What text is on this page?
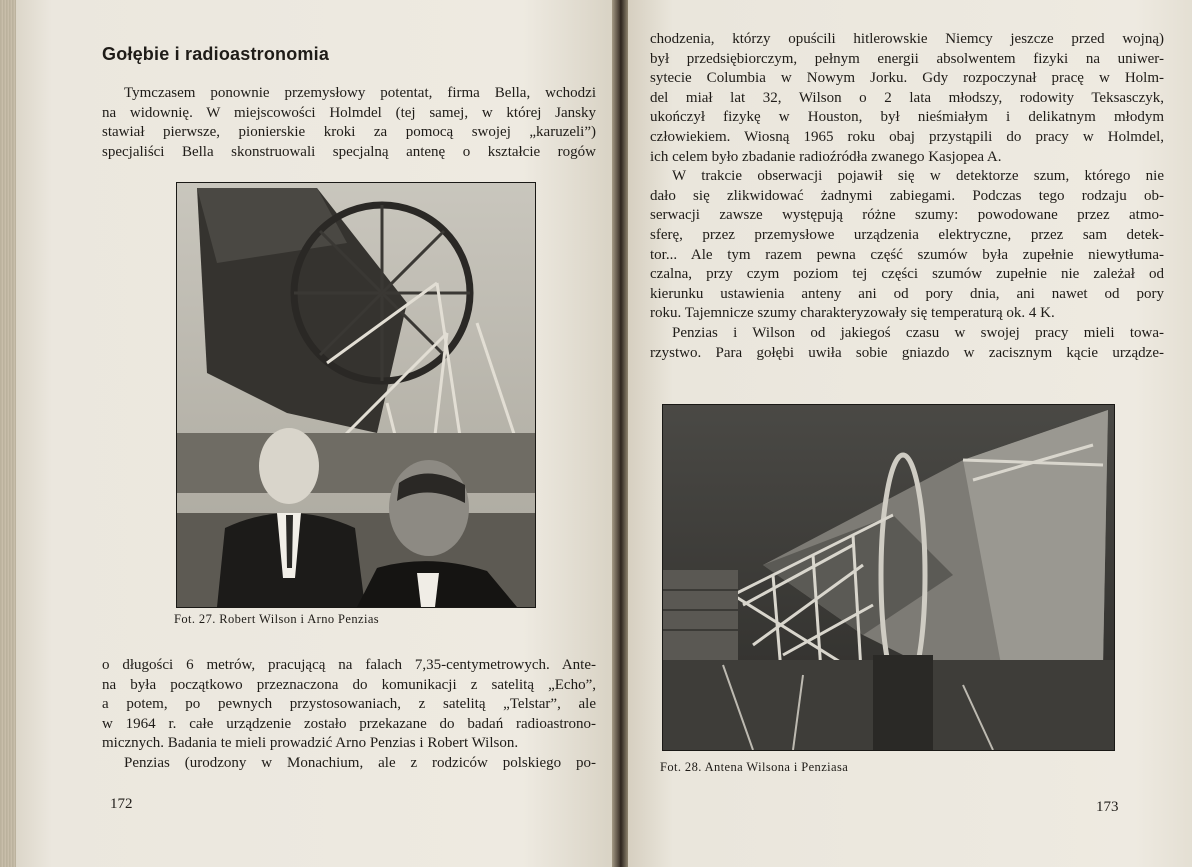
Gołębie i radioastronomia
Tymczasem ponownie przemysłowy potentat, firma Bella, wchodzi
na widownię. W miejscowości Holmdel (tej samej, w której Jansky
stawiał pierwsze, pionierskie kroki za pomocą swojej „karuzeli”)
specjaliści Bella skonstruowali specjalną antenę o kształcie rogów
Fot. 27. Robert Wilson i Arno Penzias
o długości 6 metrów, pracującą na falach 7,35-centymetrowych. Ante-
na była początkowo przeznaczona do komunikacji z satelitą „Echo”,
a potem, po pewnych przystosowaniach, z satelitą „Telstar”, ale
w 1964 r. całe urządzenie zostało przekazane do badań radioastrono-
micznych. Badania te mieli prowadzić Arno Penzias i Robert Wilson.
Penzias (urodzony w Monachium, ale z rodziców polskiego po-
172
chodzenia, którzy opuścili hitlerowskie Niemcy jeszcze przed wojną)
był przedsiębiorczym, pełnym energii absolwentem fizyki na uniwer-
sytecie Columbia w Nowym Jorku. Gdy rozpoczynał pracę w Holm-
del miał lat 32, Wilson o 2 lata młodszy, rodowity Teksasczyk,
ukończył fizykę w Houston, był nieśmiałym i delikatnym młodym
człowiekiem. Wiosną 1965 roku obaj przystąpili do pracy w Holmdel,
ich celem było zbadanie radioźródła zwanego Kasjopea A.
W trakcie obserwacji pojawił się w detektorze szum, którego nie
dało się zlikwidować żadnymi zabiegami. Podczas tego rodzaju ob-
serwacji zawsze występują różne szumy: powodowane przez atmo-
sferę, przez przemysłowe urządzenia elektryczne, przez sam detek-
tor... Ale tym razem pewna część szumów była zupełnie niewytłuma-
czalna, przy czym poziom tej części szumów zupełnie nie zależał od
kierunku ustawienia anteny ani od pory dnia, ani nawet od pory
roku. Tajemnicze szumy charakteryzowały się temperaturą ok. 4 K.
Penzias i Wilson od jakiegoś czasu w swojej pracy mieli towa-
rzystwo. Para gołębi uwiła sobie gniazdo w zacisznym kącie urządze-
Fot. 28. Antena Wilsona i Penziasa
173
